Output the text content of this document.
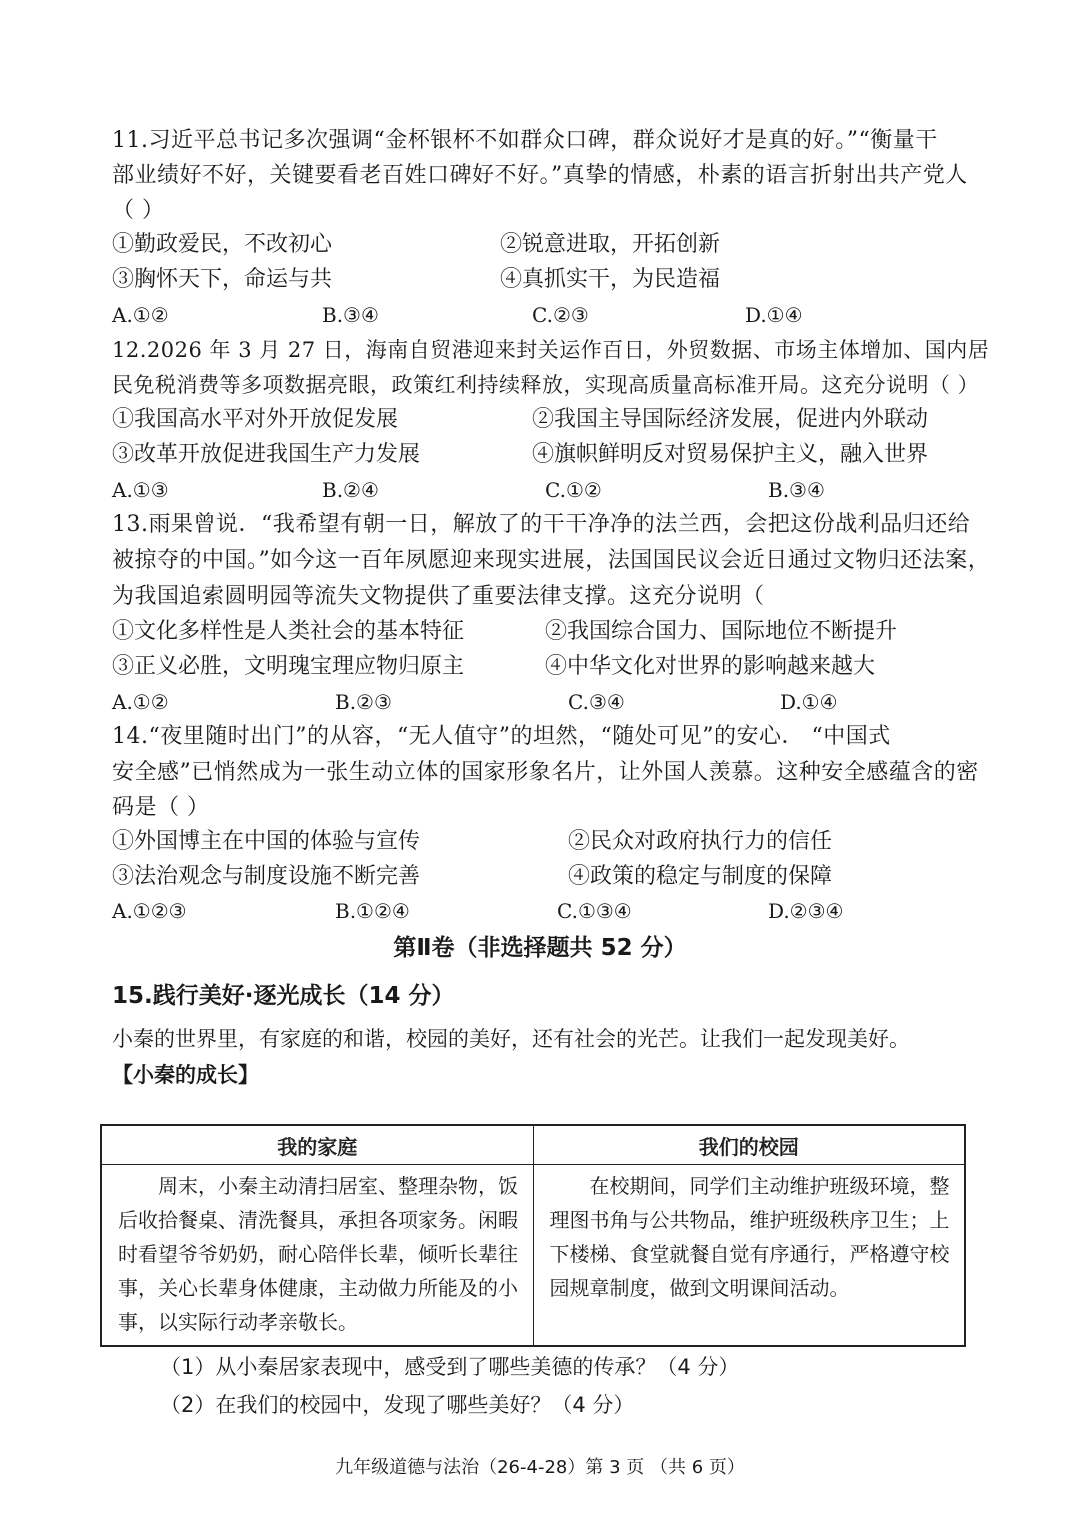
11.习近平总书记多次强调“金杯银杯不如群众口碑，群众说好才是真的好。”“衡量干
部业绩好不好，关键要看老百姓口碑好不好。”真挚的情感，朴素的语言折射出共产党人
（ ）
①勤政爱民，不改初心	②锐意进取，开拓创新
③胸怀天下，命运与共	④真抓实干，为民造福
A.①②	B.③④	C.②③	D.①④
12.2026 年 3 月 27 日，海南自贸港迎来封关运作百日，外贸数据、市场主体增加、国内居
民免税消费等多项数据亮眼，政策红利持续释放，实现高质量高标准开局。这充分说明（ ）
①我国高水平对外开放促发展	②我国主导国际经济发展，促进内外联动
③改革开放促进我国生产力发展	④旗帜鲜明反对贸易保护主义，融入世界
A.①③	B.②④	C.①②	B.③④
13.雨果曾说．“我希望有朝一日，解放了的干干净净的法兰西，会把这份战利品归还给
被掠夺的中国。”如今这一百年夙愿迎来现实进展，法国国民议会近日通过文物归还法案，
为我国追索圆明园等流失文物提供了重要法律支撑。这充分说明（
①文化多样性是人类社会的基本特征	②我国综合国力、国际地位不断提升
③正义必胜，文明瑰宝理应物归原主	④中华文化对世界的影响越来越大
A.①②	B.②③	C.③④	D.①④
14.“夜里随时出门”的从容，“无人值守”的坦然，“随处可见”的安心． “中国式
安全感”已悄然成为一张生动立体的国家形象名片，让外国人羡慕。这种安全感蕴含的密
码是（ ）
①外国博主在中国的体验与宣传	②民众对政府执行力的信任
③法治观念与制度设施不断完善	④政策的稳定与制度的保障
A.①②③	B.①②④	C.①③④	D.②③④
第Ⅱ卷（非选择题共 52 分）
15.践行美好·逐光成长（14 分）
小秦的世界里，有家庭的和谐，校园的美好，还有社会的光芒。让我们一起发现美好。
【小秦的成长】
我的家庭	我们的校园
周末，小秦主动清扫居室、整理杂物，饭后收拾餐桌、清洗餐具，承担各项家务。闲暇时看望爷爷奶奶，耐心陪伴长辈，倾听长辈往事，关心长辈身体健康，主动做力所能及的小事，以实际行动孝亲敬长。	在校期间，同学们主动维护班级环境，整理图书角与公共物品，维护班级秩序卫生；上下楼梯、食堂就餐自觉有序通行，严格遵守校园规章制度，做到文明课间活动。
（1）从小秦居家表现中，感受到了哪些美德的传承？（4 分）
（2）在我们的校园中，发现了哪些美好？（4 分）
九年级道德与法治（26-4-28）第 3 页 （共 6 页）
